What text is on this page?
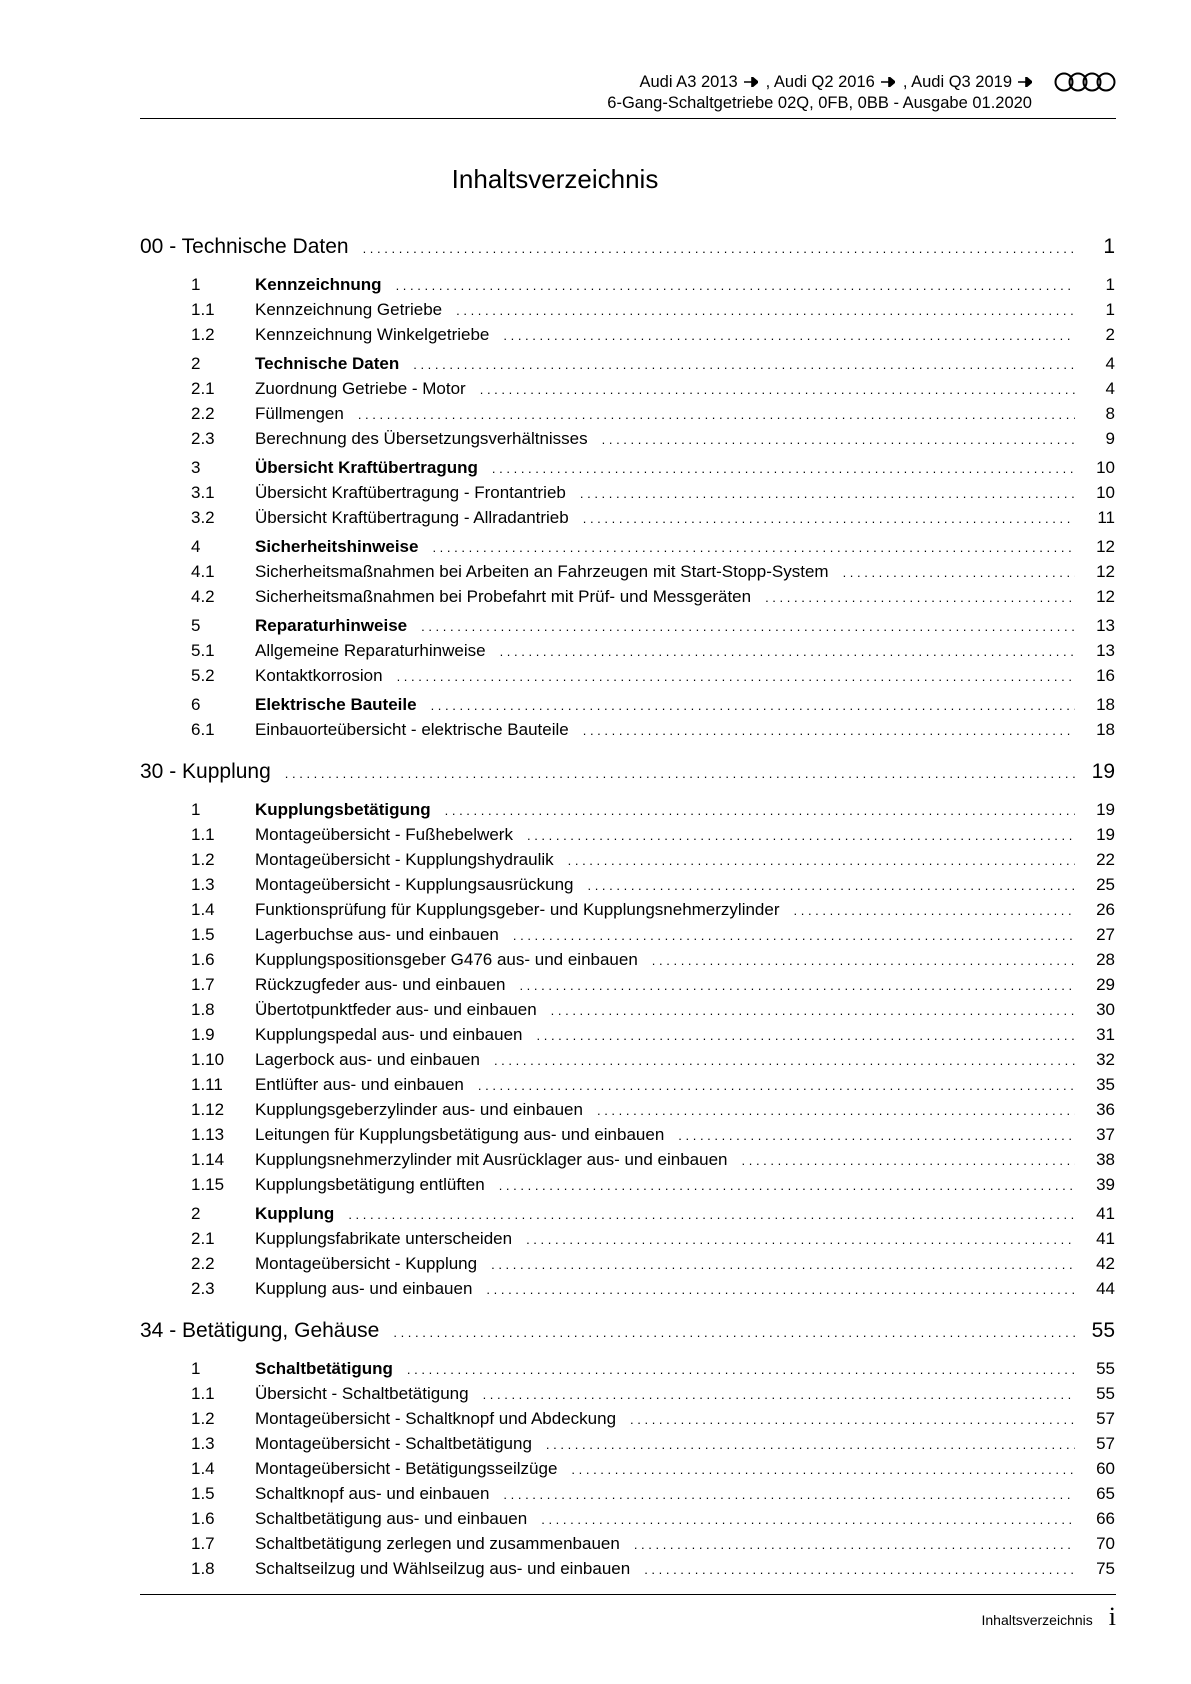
Audi A3 2013 , Audi Q2 2016 , Audi Q3 2019
6-Gang-Schaltgetriebe 02Q, 0FB, 0BB - Ausgabe 01.2020
Inhaltsverzeichnis
00 - Technische Daten . . .	1
1	Kennzeichnung . . .	1
1.1	Kennzeichnung Getriebe . . .	1
1.2	Kennzeichnung Winkelgetriebe . . .	2
2	Technische Daten . . .	4
2.1	Zuordnung Getriebe - Motor . . .	4
2.2	Füllmengen . . .	8
2.3	Berechnung des Übersetzungsverhältnisses . . .	9
3	Übersicht Kraftübertragung . . .	10
3.1	Übersicht Kraftübertragung - Frontantrieb . . .	10
3.2	Übersicht Kraftübertragung - Allradantrieb . . .	11
4	Sicherheitshinweise . . .	12
4.1	Sicherheitsmaßnahmen bei Arbeiten an Fahrzeugen mit Start-Stopp-System . . .	12
4.2	Sicherheitsmaßnahmen bei Probefahrt mit Prüf- und Messgeräten . . .	12
5	Reparaturhinweise . . .	13
5.1	Allgemeine Reparaturhinweise . . .	13
5.2	Kontaktkorrosion . . .	16
6	Elektrische Bauteile . . .	18
6.1	Einbauorteübersicht - elektrische Bauteile . . .	18
30 - Kupplung . . .	19
1	Kupplungsbetätigung . . .	19
1.1	Montageübersicht - Fußhebelwerk . . .	19
1.2	Montageübersicht - Kupplungshydraulik . . .	22
1.3	Montageübersicht - Kupplungsausrückung . . .	25
1.4	Funktionsprüfung für Kupplungsgeber- und Kupplungsnehmerzylinder . . .	26
1.5	Lagerbuchse aus- und einbauen . . .	27
1.6	Kupplungspositionsgeber G476 aus- und einbauen . . .	28
1.7	Rückzugfeder aus- und einbauen . . .	29
1.8	Übertotpunktfeder aus- und einbauen . . .	30
1.9	Kupplungspedal aus- und einbauen . . .	31
1.10	Lagerbock aus- und einbauen . . .	32
1.11	Entlüfter aus- und einbauen . . .	35
1.12	Kupplungsgeberzylinder aus- und einbauen . . .	36
1.13	Leitungen für Kupplungsbetätigung aus- und einbauen . . .	37
1.14	Kupplungsnehmerzylinder mit Ausrücklager aus- und einbauen . . .	38
1.15	Kupplungsbetätigung entlüften . . .	39
2	Kupplung . . .	41
2.1	Kupplungsfabrikate unterscheiden . . .	41
2.2	Montageübersicht - Kupplung . . .	42
2.3	Kupplung aus- und einbauen . . .	44
34 - Betätigung, Gehäuse . . .	55
1	Schaltbetätigung . . .	55
1.1	Übersicht - Schaltbetätigung . . .	55
1.2	Montageübersicht - Schaltknopf und Abdeckung . . .	57
1.3	Montageübersicht - Schaltbetätigung . . .	57
1.4	Montageübersicht - Betätigungsseilzüge . . .	60
1.5	Schaltknopf aus- und einbauen . . .	65
1.6	Schaltbetätigung aus- und einbauen . . .	66
1.7	Schaltbetätigung zerlegen und zusammenbauen . . .	70
1.8	Schaltseilzug und Wählseilzug aus- und einbauen . . .	75
Inhaltsverzeichnis i
